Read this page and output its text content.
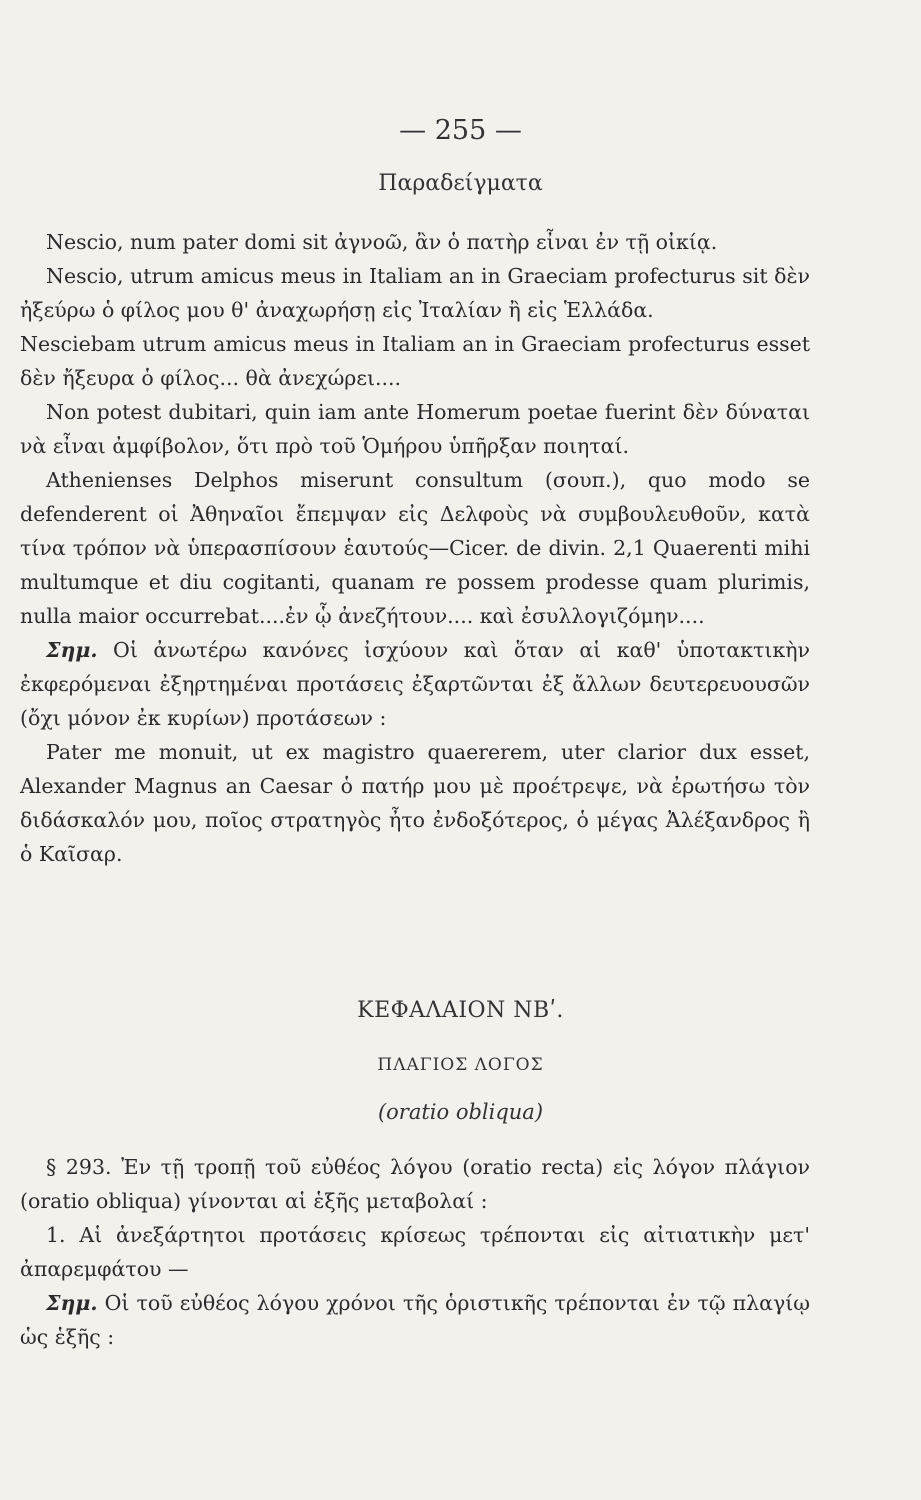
— 255 —
Παραδείγματα

Nescio, num pater domi sit ἀγνοῶ, ἂν ὁ πατὴρ εἶναι ἐν τῇ οἰκίᾳ.

Nescio, utrum amicus meus in Italiam an in Graeciam profecturus sit δὲν ἠξεύρω ὁ φίλος μου θ' ἀναχωρήσῃ εἰς Ἰταλίαν ἢ εἰς Ἑλλάδα.

Nesciebam utrum amicus meus in Italiam an in Graeciam profecturus esset δὲν ἤξευρα ὁ φίλος... θὰ ἀνεχώρει....

Non potest dubitari, quin iam ante Homerum poetae fuerint δὲν δύναται νὰ εἶναι ἀμφίβολον, ὅτι πρὸ τοῦ Ὁμήρου ὑπῆρξαν ποιηταί.

Athenienses Delphos miserunt consultum (σουπ.), quo modo se defenderent οἱ Ἀθηναῖοι ἔπεμψαν εἰς Δελφοὺς νὰ συμβουλευθοῦν, κατὰ τίνα τρόπον νὰ ὑπερασπίσουν ἑαυτούς—Cicer. de divin. 2,1 Quaerenti mihi multumque et diu cogitanti, quanam re possem prodesse quam plurimis, nulla maior occurrebat....ἐν ᾧ ἀνεζήτουν.... καὶ ἐσυλλογιζόμην....

Σημ. Οἱ ἀνωτέρω κανόνες ἰσχύουν καὶ ὅταν αἱ καθ' ὑποτακτικὴν ἐκφερόμεναι ἐξηρτημέναι προτάσεις ἐξαρτῶνται ἐξ ἄλλων δευτερευουσῶν (ὄχι μόνον ἐκ κυρίων) προτάσεων :

Pater me monuit, ut ex magistro quaererem, uter clarior dux esset, Alexander Magnus an Caesar ὁ πατήρ μου μὲ προέτρεψε, νὰ ἐρωτήσω τὸν διδάσκαλόν μου, ποῖος στρατηγὸς ἦτο ἐνδοξότερος, ὁ μέγας Ἀλέξανδρος ἢ ὁ Καῖσαρ.

ΚΕΦΑΛΑΙΟΝ ΝΒʹ.
ΠΛΑΓΙΟΣ ΛΟΓΟΣ
(oratio obliqua)

§ 293. Ἐν τῇ τροπῇ τοῦ εὐθέος λόγου (oratio recta) εἰς λόγον πλάγιον (oratio obliqua) γίνονται αἱ ἑξῆς μεταβολαί :

1. Αἱ ἀνεξάρτητοι προτάσεις κρίσεως τρέπονται εἰς αἰτιατικὴν μετ' ἀπαρεμφάτου —

Σημ. Οἱ τοῦ εὐθέος λόγου χρόνοι τῆς ὁριστικῆς τρέπονται ἐν τῷ πλαγίῳ ὡς ἑξῆς :
